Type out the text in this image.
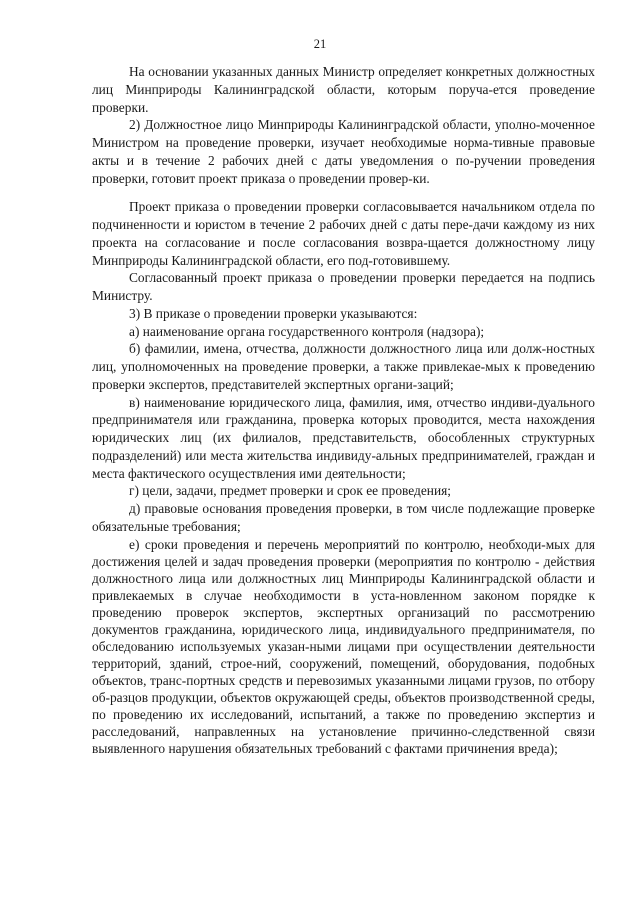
21

На основании указанных данных Министр определяет конкретных должностных лиц Минприроды Калининградской области, которым поруча-ется проведение проверки.

2) Должностное лицо Минприроды Калининградской области, уполно-моченное Министром на проведение проверки, изучает необходимые норма-тивные правовые акты и в течение 2 рабочих дней с даты уведомления о по-ручении проведения проверки, готовит проект приказа о проведении провер-ки.

Проект приказа о проведении проверки согласовывается начальником отдела по подчиненности и юристом в течение 2 рабочих дней с даты пере-дачи каждому из них проекта на согласование и после согласования возвра-щается должностному лицу Минприроды Калининградской области, его под-готовившему.

Согласованный проект приказа о проведении проверки передается на подпись Министру.

3) В приказе о проведении проверки указываются:

а) наименование органа государственного контроля (надзора);

б) фамилии, имена, отчества, должности должностного лица или долж-ностных лиц, уполномоченных на проведение проверки, а также привлекае-мых к проведению проверки экспертов, представителей экспертных органи-заций;

в) наименование юридического лица, фамилия, имя, отчество индиви-дуального предпринимателя или гражданина, проверка которых проводится, места нахождения юридических лиц (их филиалов, представительств, обособленных структурных подразделений) или места жительства индивиду-альных предпринимателей, граждан и места фактического осуществления ими деятельности;

г) цели, задачи, предмет проверки и срок ее проведения;

д) правовые основания проведения проверки, в том числе подлежащие проверке обязательные требования;

е) сроки проведения и перечень мероприятий по контролю, необходи-мых для достижения целей и задач проведения проверки (мероприятия по контролю - действия должностного лица или должностных лиц Минприроды Калининградской области и привлекаемых в случае необходимости в уста-новленном законом порядке к проведению проверок экспертов, экспертных организаций по рассмотрению документов гражданина, юридического лица, индивидуального предпринимателя, по обследованию используемых указан-ными лицами при осуществлении деятельности территорий, зданий, строе-ний, сооружений, помещений, оборудования, подобных объектов, транс-портных средств и перевозимых указанными лицами грузов, по отбору об-разцов продукции, объектов окружающей среды, объектов производственной среды, по проведению их исследований, испытаний, а также по проведению экспертиз и расследований, направленных на установление причинно-следственной связи выявленного нарушения обязательных требований с фактами причинения вреда);
